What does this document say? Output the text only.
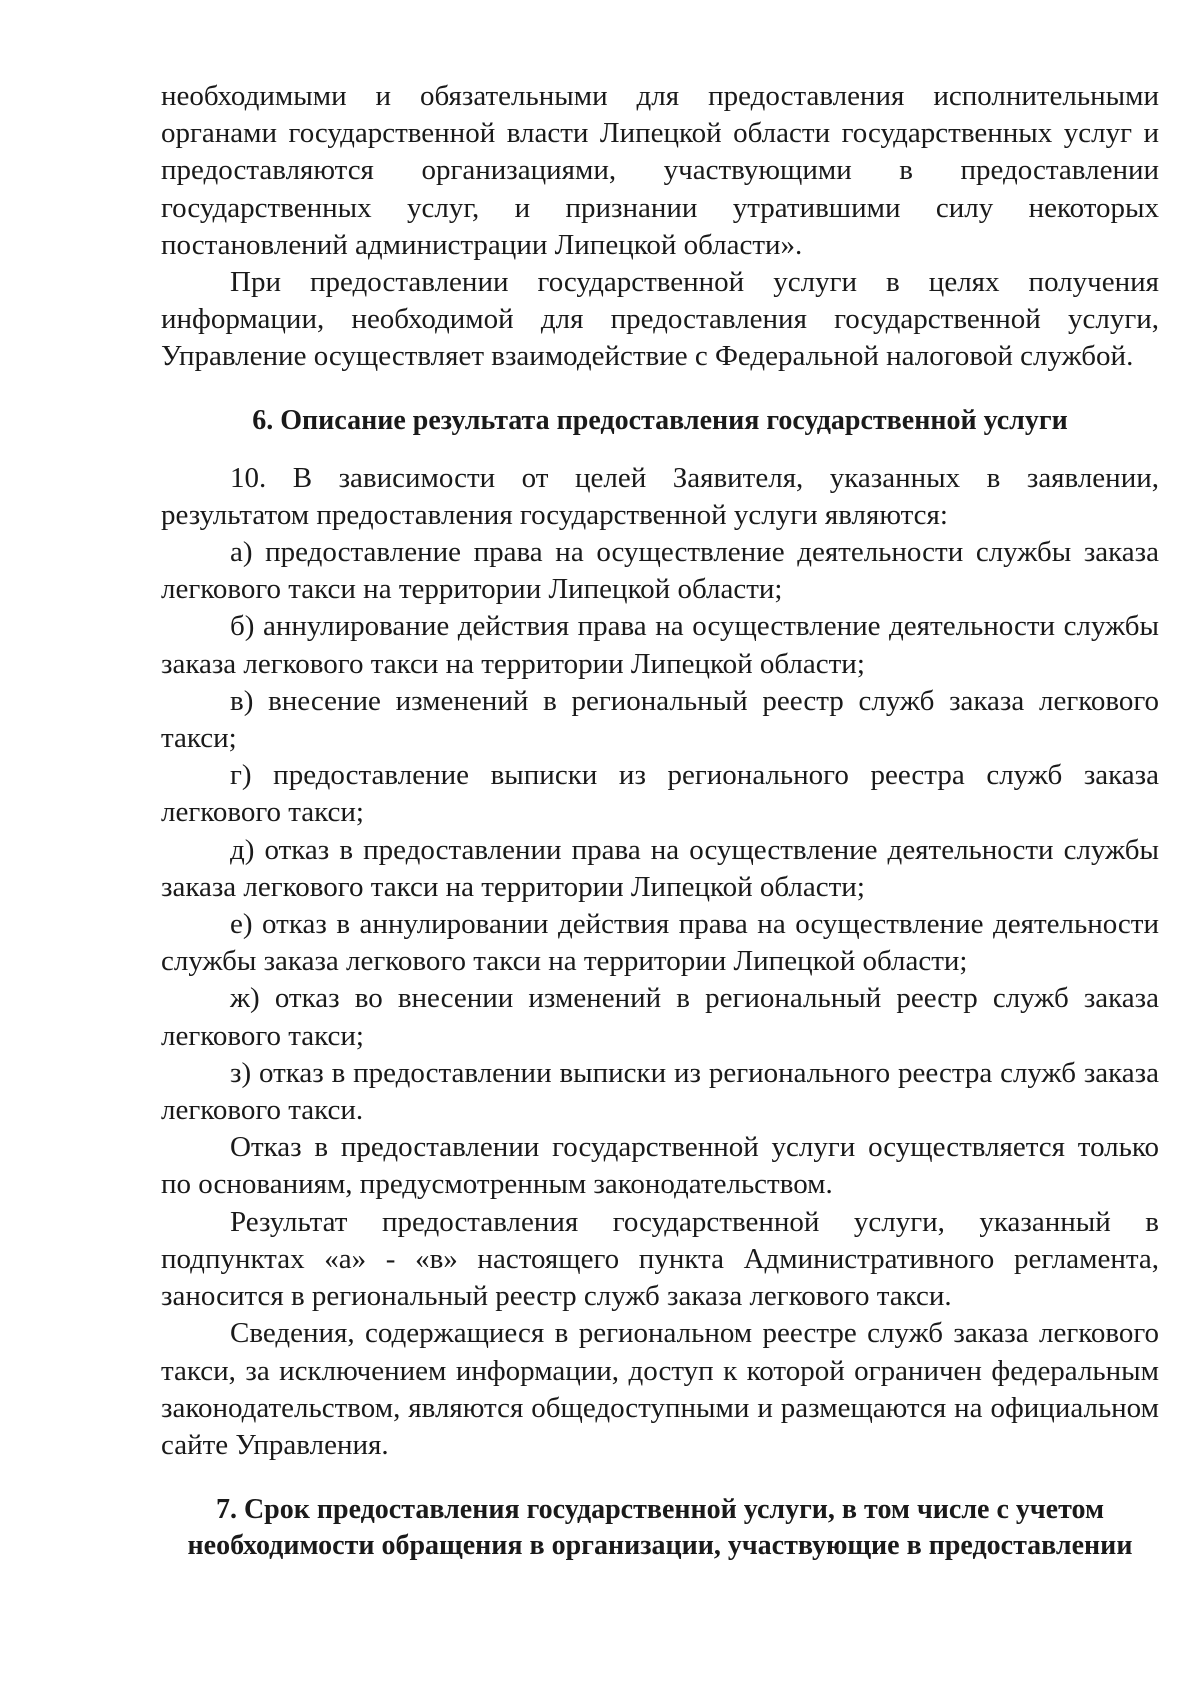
необходимыми и обязательными для предоставления исполнительными органами государственной власти Липецкой области государственных услуг и предоставляются организациями, участвующими в предоставлении государственных услуг, и признании утратившими силу некоторых постановлений администрации Липецкой области».

При предоставлении государственной услуги в целях получения информации, необходимой для предоставления государственной услуги, Управление осуществляет взаимодействие с Федеральной налоговой службой.

6. Описание результата предоставления государственной услуги

10. В зависимости от целей Заявителя, указанных в заявлении, результатом предоставления государственной услуги являются:

а) предоставление права на осуществление деятельности службы заказа легкового такси на территории Липецкой области;

б) аннулирование действия права на осуществление деятельности службы заказа легкового такси на территории Липецкой области;

в) внесение изменений в региональный реестр служб заказа легкового такси;

г) предоставление выписки из регионального реестра служб заказа легкового такси;

д) отказ в предоставлении права на осуществление деятельности службы заказа легкового такси на территории Липецкой области;

е) отказ в аннулировании действия права на осуществление деятельности службы заказа легкового такси на территории Липецкой области;

ж) отказ во внесении изменений в региональный реестр служб заказа легкового такси;

з) отказ в предоставлении выписки из регионального реестра служб заказа легкового такси.

Отказ в предоставлении государственной услуги осуществляется только по основаниям, предусмотренным законодательством.

Результат предоставления государственной услуги, указанный в подпунктах «а» - «в» настоящего пункта Административного регламента, заносится в региональный реестр служб заказа легкового такси.

Сведения, содержащиеся в региональном реестре служб заказа легкового такси, за исключением информации, доступ к которой ограничен федеральным законодательством, являются общедоступными и размещаются на официальном сайте Управления.

7. Срок предоставления государственной услуги, в том числе с учетом

необходимости обращения в организации, участвующие в предоставлении
